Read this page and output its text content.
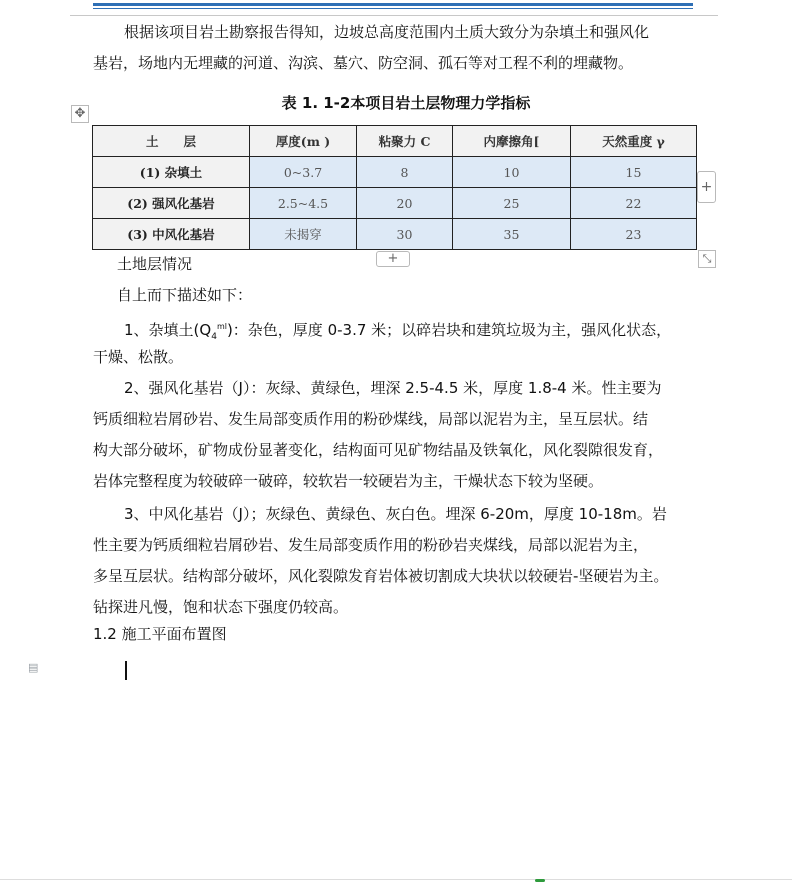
根据该项目岩土勘察报告得知，边坡总高度范围内土质大致分为杂填土和强风化
基岩，场地内无埋藏的河道、沟滨、墓穴、防空洞、孤石等对工程不利的埋藏物。
✥
表 1. 1-2本项目岩土层物理力学指标
土　　层	厚度(m )	粘聚力 C	内摩擦角[	天然重度 γ
(1) 杂填土	0~3.7	8	10	15
(2) 强风化基岩	2.5~4.5	20	25	22
(3) 中风化基岩	未揭穿	30	35	23
+
+	⤡
土地层情况
自上而下描述如下：
1、杂填土$(Q_4^{ml})$：杂色，厚度 0-3.7 米；以碎岩块和建筑垃圾为主，强风化状态，
干燥、松散。
2、强风化基岩（J）：灰绿、黄绿色，埋深 2.5-4.5 米，厚度 1.8-4 米。性主要为
钙质细粒岩屑砂岩、发生局部变质作用的粉砂煤线，局部以泥岩为主，呈互层状。结
构大部分破坏，矿物成份显著变化，结构面可见矿物结晶及铁氧化，风化裂隙很发育，
岩体完整程度为较破碎一破碎，较软岩一较硬岩为主，干燥状态下较为坚硬。
3、中风化基岩（J）；灰绿色、黄绿色、灰白色。埋深 6-20m，厚度 10-18m。岩
性主要为钙质细粒岩屑砂岩、发生局部变质作用的粉砂岩夹煤线，局部以泥岩为主，
多呈互层状。结构部分破坏，风化裂隙发育岩体被切割成大块状以较硬岩-坚硬岩为主。
钻探进凡慢，饱和状态下强度仍较高。
1.2 施工平面布置图
▤
